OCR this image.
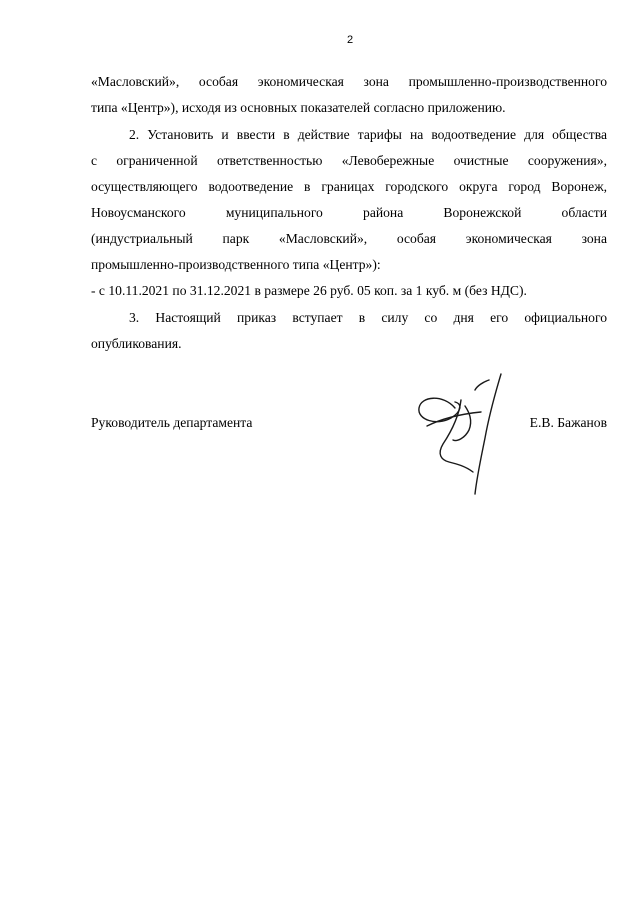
2
«Масловский», особая экономическая зона промышленно-производственного
типа «Центр»), исходя из основных показателей согласно приложению.
2. Установить и ввести в действие тарифы на водоотведение для общества
с ограниченной ответственностью «Левобережные очистные сооружения»,
осуществляющего водоотведение в границах городского округа город Воронеж,
Новоусманского муниципального района Воронежской области
(индустриальный парк «Масловский», особая экономическая зона
промышленно-производственного типа «Центр»):
- с 10.11.2021 по 31.12.2021 в размере 26 руб. 05 коп. за 1 куб. м (без НДС).
3. Настоящий приказ вступает в силу со дня его официального
опубликования.
Руководитель департамента	Е.В. Бажанов
